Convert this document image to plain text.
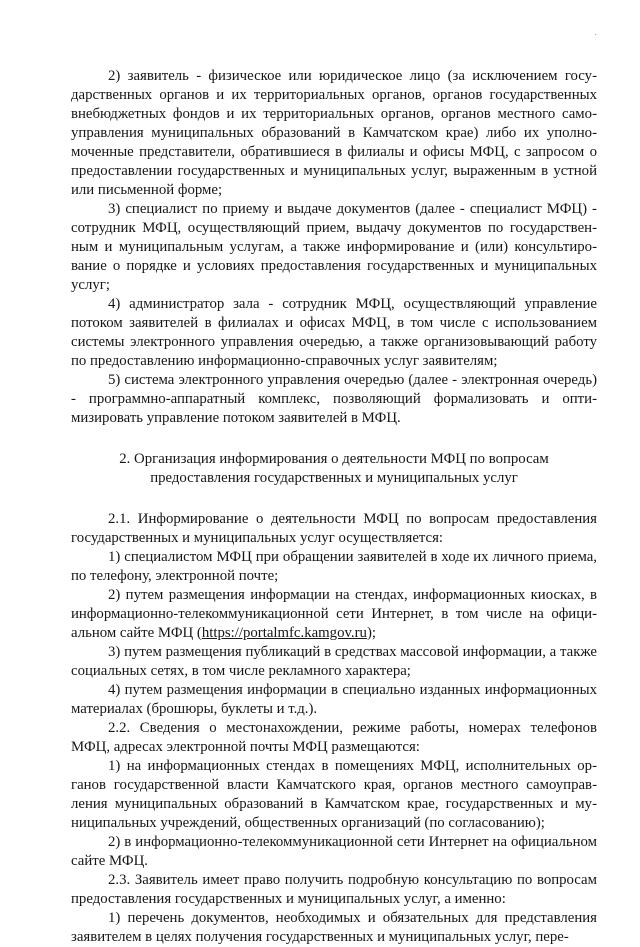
·

2) заявитель - физическое или юридическое лицо (за исключением государственных органов и их территориальных органов, органов государственных внебюджетных фондов и их территориальных органов, органов местного самоуправления муниципальных образований в Камчатском крае) либо их уполномоченные представители, обратившиеся в филиалы и офисы МФЦ, с запросом о предоставлении государственных и муниципальных услуг, выраженным в устной или письменной форме;

3) специалист по приему и выдаче документов (далее - специалист МФЦ) - сотрудник МФЦ, осуществляющий прием, выдачу документов по государственным и муниципальным услугам, а также информирование и (или) консультирование о порядке и условиях предоставления государственных и муниципальных услуг;

4) администратор зала - сотрудник МФЦ, осуществляющий управление потоком заявителей в филиалах и офисах МФЦ, в том числе с использованием системы электронного управления очередью, а также организовывающий работу по предоставлению информационно-справочных услуг заявителям;

5) система электронного управления очередью (далее - электронная очередь) - программно-аппаратный комплекс, позволяющий формализовать и оптимизировать управление потоком заявителей в МФЦ.

2. Организация информирования о деятельности МФЦ по вопросам
предоставления государственных и муниципальных услуг

2.1. Информирование о деятельности МФЦ по вопросам предоставления государственных и муниципальных услуг осуществляется:

1) специалистом МФЦ при обращении заявителей в ходе их личного приема, по телефону, электронной почте;

2) путем размещения информации на стендах, информационных киосках, в информационно-телекоммуникационной сети Интернет, в том числе на официальном сайте МФЦ (https://portalmfc.kamgov.ru);

3) путем размещения публикаций в средствах массовой информации, а также социальных сетях, в том числе рекламного характера;

4) путем размещения информации в специально изданных информационных материалах (брошюры, буклеты и т.д.).

2.2. Сведения о местонахождении, режиме работы, номерах телефонов МФЦ, адресах электронной почты МФЦ размещаются:

1) на информационных стендах в помещениях МФЦ, исполнительных органов государственной власти Камчатского края, органов местного самоуправления муниципальных образований в Камчатском крае, государственных и муниципальных учреждений, общественных организаций (по согласованию);

2) в информационно-телекоммуникационной сети Интернет на официальном сайте МФЦ.

2.3. Заявитель имеет право получить подробную консультацию по вопросам предоставления государственных и муниципальных услуг, а именно:

1) перечень документов, необходимых и обязательных для представления заявителем в целях получения государственных и муниципальных услуг, пере-
